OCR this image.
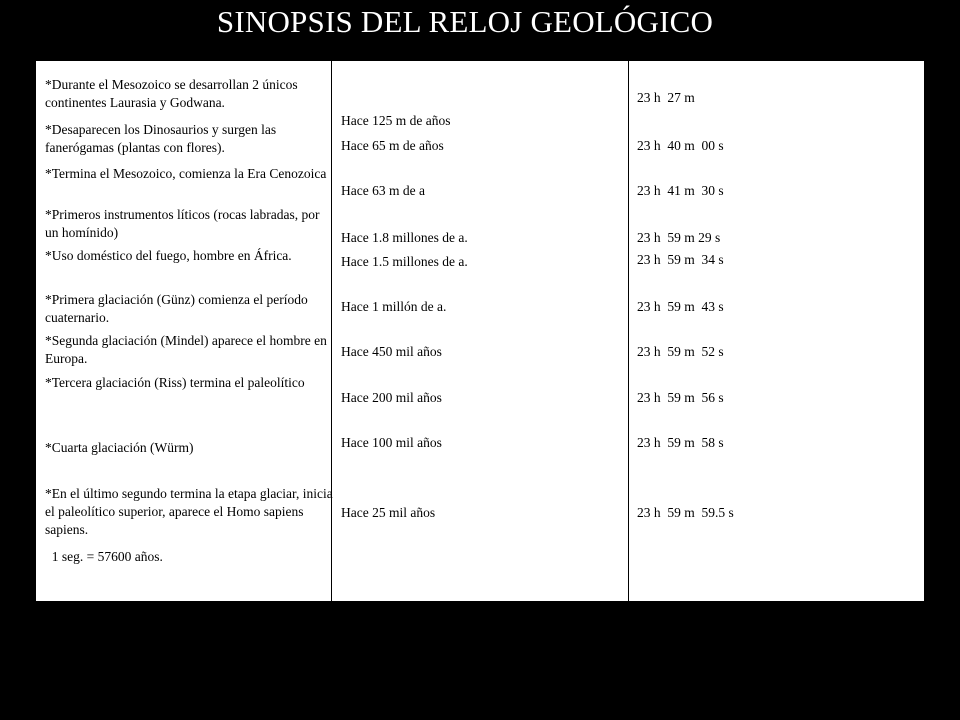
SINOPSIS DEL RELOJ GEOLÓGICO
*Durante el Mesozoico se desarrollan 2 únicos continentes Laurasia y Godwana.
*Desaparecen los Dinosaurios y surgen las fanerógamas (plantas con flores).
*Termina el Mesozoico, comienza la Era Cenozoica
*Primeros instrumentos líticos (rocas labradas, por un homínido)
*Uso doméstico del fuego, hombre en África.
*Primera glaciación (Günz) comienza el período cuaternario.
*Segunda glaciación (Mindel) aparece el hombre en Europa.
*Tercera glaciación (Riss) termina el paleolítico
*Cuarta glaciación (Würm)
*En el último segundo termina la etapa glaciar, inicia el paleolítico superior, aparece el Homo sapiens sapiens.
1 seg. = 57600 años.
Hace 125 m de años
Hace 65 m de años
Hace 63 m de a
Hace 1.8 millones de a.
Hace 1.5 millones de a.
Hace 1 millón de a.
Hace 450 mil años
Hace 200 mil años
Hace 100 mil años
Hace 25 mil años
23 h  27 m
23 h  40 m  00 s
23 h  41 m  30 s
23 h  59 m 29 s
23 h  59 m  34 s
23 h  59 m  43 s
23 h  59 m  52 s
23 h  59 m  56 s
23 h  59 m  58 s
23 h  59 m  59.5 s
